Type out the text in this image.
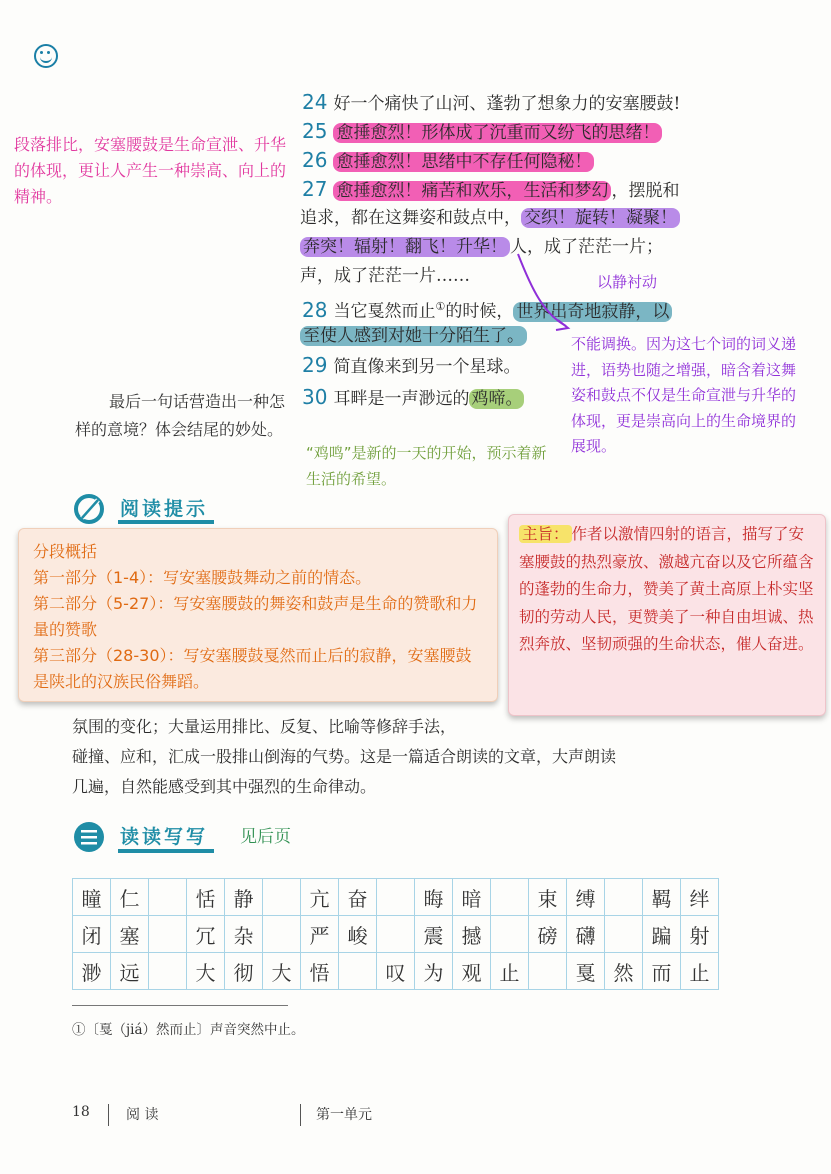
24 好一个痛快了山河、蓬勃了想象力的安塞腰鼓!
25 愈捶愈烈！形体成了沉重而又纷飞的思绪！
26 愈捶愈烈！思绪中不存任何隐秘！
27 愈捶愈烈！痛苦和欢乐，生活和梦幻 ，摆脱和
追求，都在这舞姿和鼓点中， 交织！旋转！凝聚！
奔突！辐射！翻飞！升华！ 人，成了茫茫一片；
声，成了茫茫一片……
28 当它戛然而止①的时候， 世界出奇地寂静，以
至使人感到对她十分陌生了。
29 简直像来到另一个星球。
30 耳畔是一声渺远的 鸡啼。
段落排比，安塞腰鼓是生命宣泄、升华的体现，更让人产生一种崇高、向上的精神。
以静衬动
不能调换。因为这七个词的词义递进，语势也随之增强，暗含着这舞姿和鼓点不仅是生命宣泄与升华的体现，更是崇高向上的生命境界的展现。
“鸡鸣”是新的一天的开始，预示着新生活的希望。
最后一句话营造出一种怎样的意境？体会结尾的妙处。
阅读提示
分段概括
第一部分（1-4）：写安塞腰鼓舞动之前的情态。
第二部分（5-27）：写安塞腰鼓的舞姿和鼓声是生命的赞歌和力量的赞歌
第三部分（28-30）：写安塞腰鼓戛然而止后的寂静，安塞腰鼓是陕北的汉族民俗舞蹈。
主旨： 作者以激情四射的语言，描写了安塞腰鼓的热烈豪放、激越亢奋以及它所蕴含的蓬勃的生命力，赞美了黄土高原上朴实坚韧的劳动人民，更赞美了一种自由坦诚、热烈奔放、坚韧顽强的生命状态，催人奋进。
氛围的变化；大量运用排比、反复、比喻等修辞手法，
碰撞、应和，汇成一股排山倒海的气势。这是一篇适合朗读的文章，大声朗读
几遍，自然能感受到其中强烈的生命律动。
读读写写 见后页
瞳	仁		恬	静		亢	奋		晦	暗		束	缚		羁	绊
闭	塞		冗	杂		严	峻		震	撼		磅	礴		蹁	射
渺	远		大	彻	大	悟		叹	为	观	止		戛	然	而	止
①〔戛（jiá）然而止〕声音突然中止。
18	阅 读	第一单元
